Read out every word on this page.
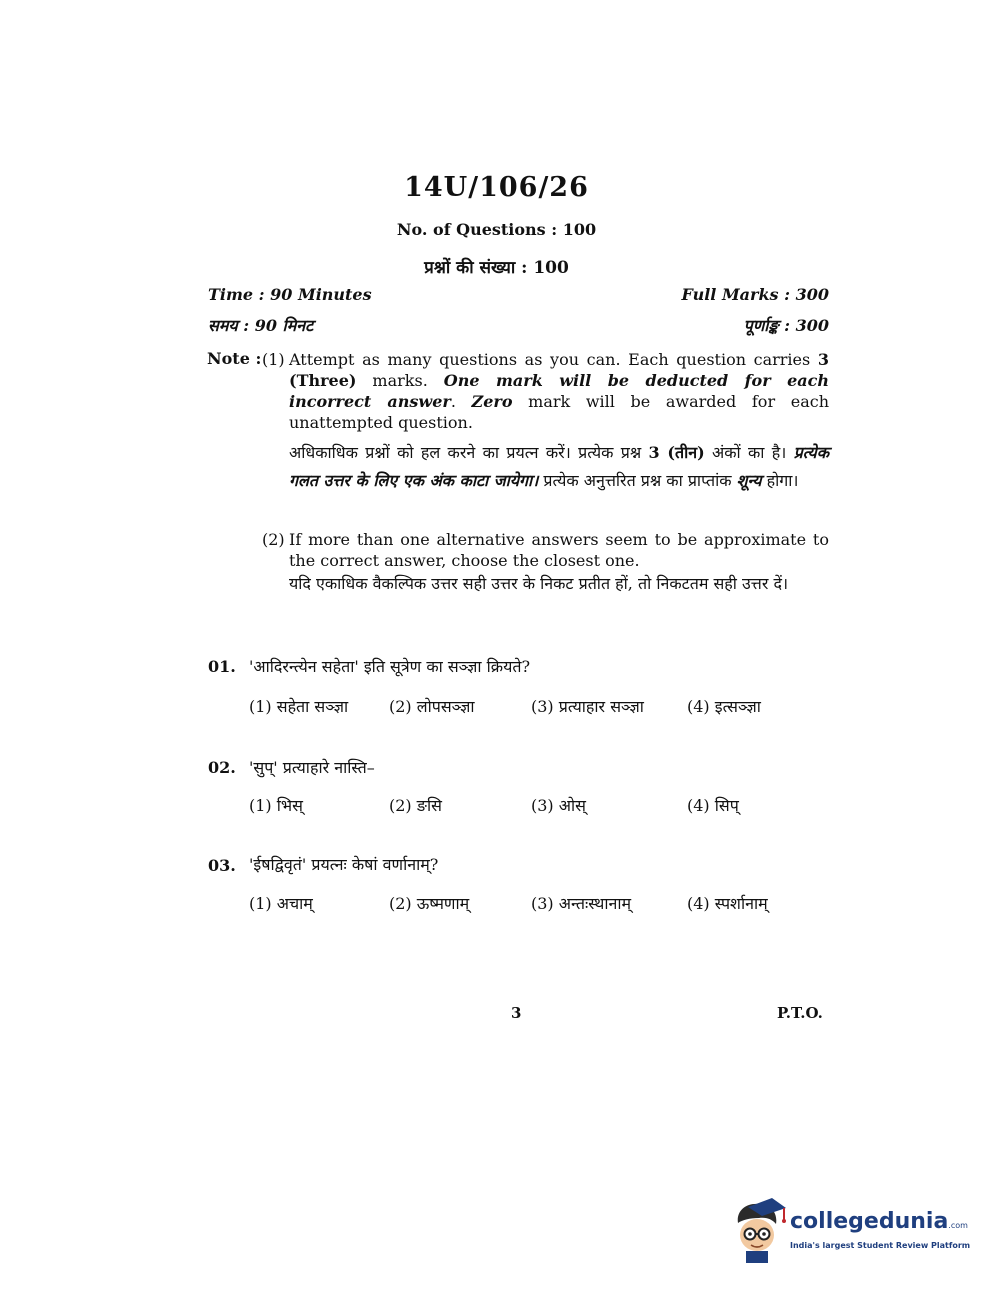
14U/106/26
No. of Questions : 100
प्रश्नों की संख्या : 100
Time : 90 Minutes	Full Marks : 300
समय : 90 मिनट	पूर्णाङ्क : 300
Note : (1) Attempt as many questions as you can. Each question carries 3 (Three) marks. One mark will be deducted for each incorrect answer. Zero mark will be awarded for each unattempted question.
अधिकाधिक प्रश्नों को हल करने का प्रयत्न करें। प्रत्येक प्रश्न 3 (तीन) अंकों का है। प्रत्येक गलत उत्तर के लिए एक अंक काटा जायेगा। प्रत्येक अनुत्तरित प्रश्न का प्राप्तांक शून्य होगा।
(2) If more than one alternative answers seem to be approximate to the correct answer, choose the closest one.
यदि एकाधिक वैकल्पिक उत्तर सही उत्तर के निकट प्रतीत हों, तो निकटतम सही उत्तर दें।
01. 'आदिरन्त्येन सहेता' इति सूत्रेण का सञ्ज्ञा क्रियते?
(1) सहेता सञ्ज्ञा	(2) लोपसञ्ज्ञा	(3) प्रत्याहार सञ्ज्ञा	(4) इत्सञ्ज्ञा
02. 'सुप्' प्रत्याहारे नास्ति–
(1) भिस्	(2) ङसि	(3) ओस्	(4) सिप्
03. 'ईषद्विवृतं' प्रयत्नः केषां वर्णानाम्?
(1) अचाम्	(2) ऊष्मणाम्	(3) अन्तःस्थानाम्	(4) स्पर्शानाम्
3	P.T.O.
collegedunia.com
India's largest Student Review Platform
